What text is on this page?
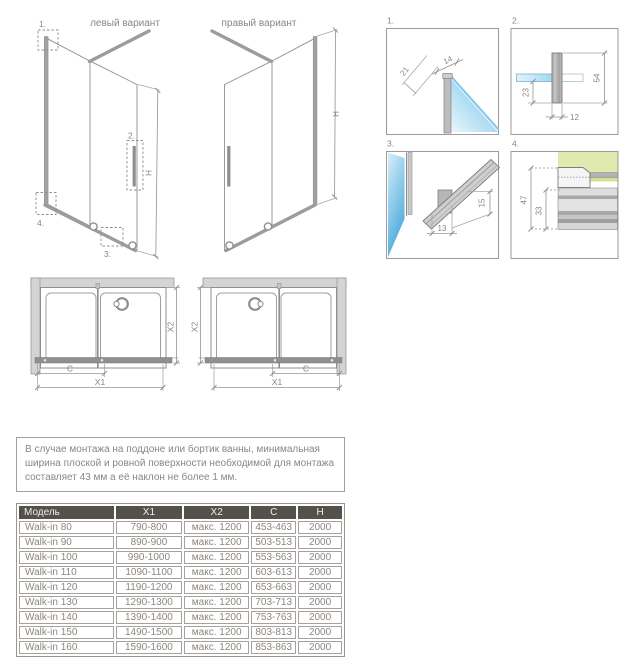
левый вариант
H
1.
2.
3.
4.
правый вариант
H
1.
14
21
2.
54
23
12
3.
13
15
4.
47
33
C
X1
X2
C
X1
X2
В случае монтажа на поддоне или бортик ванны, минимальная ширина плоской и ровной поверхности необходимой для монтажа составляет 43 мм а её наклон не более 1 мм.
Модель	X1	X2	C	H
Walk-in 80	790-800	макс. 1200	453-463	2000
Walk-in 90	890-900	макс. 1200	503-513	2000
Walk-in 100	990-1000	макс. 1200	553-563	2000
Walk-in 110	1090-1100	макс. 1200	603-613	2000
Walk-in 120	1190-1200	макс. 1200	653-663	2000
Walk-in 130	1290-1300	макс. 1200	703-713	2000
Walk-in 140	1390-1400	макс. 1200	753-763	2000
Walk-in 150	1490-1500	макс. 1200	803-813	2000
Walk-in 160	1590-1600	макс. 1200	853-863	2000
